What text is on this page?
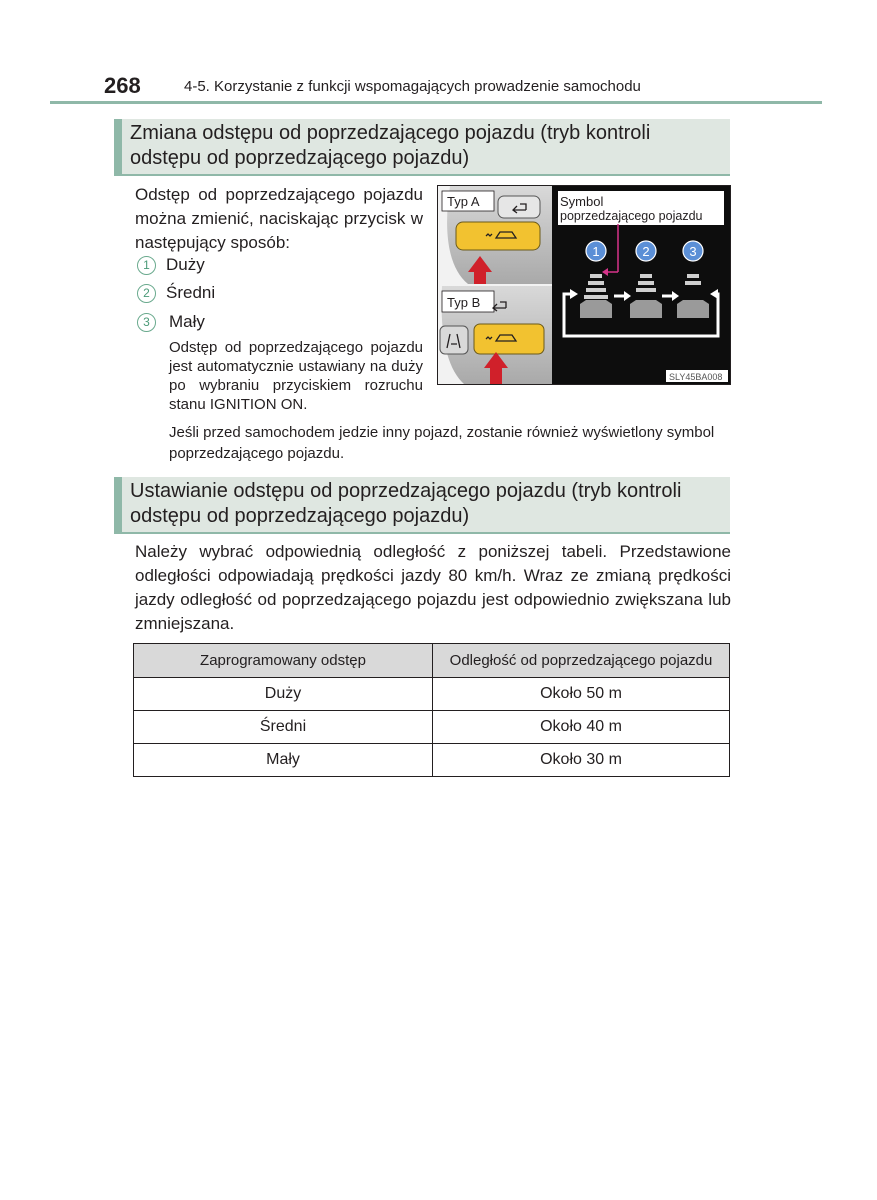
268	4-5. Korzystanie z funkcji wspomagających prowadzenie samochodu
Zmiana odstępu od poprzedzającego pojazdu (tryb kontroli
odstępu od poprzedzającego pojazdu)

Odstęp od poprzedzającego pojazdu można zmienić, naciskając przycisk w następujący sposób:

1 Duży
2 Średni
3	Mały

Odstęp od poprzedzającego pojazdu jest automatycznie ustawiany na duży po wybraniu przyciskiem rozruchu stanu IGNITION ON.

Jeśli przed samochodem jedzie inny pojazd, zostanie również wyświetlony symbol poprzedzającego pojazdu.

Typ A
Typ B
Symbol
poprzedzającego pojazdu
1	2	3
SLY45BA008
Ustawianie odstępu od poprzedzającego pojazdu (tryb kontroli
odstępu od poprzedzającego pojazdu)

Należy wybrać odpowiednią odległość z poniższej tabeli. Przedstawione odległości odpowiadają prędkości jazdy 80 km/h. Wraz ze zmianą prędkości jazdy odległość od poprzedzającego pojazdu jest odpowiednio zwiększana lub zmniejszana.

Zaprogramowany odstęp	Odległość od poprzedzającego pojazdu
Duży	Około 50 m
Średni	Około 40 m
Mały	Około 30 m
